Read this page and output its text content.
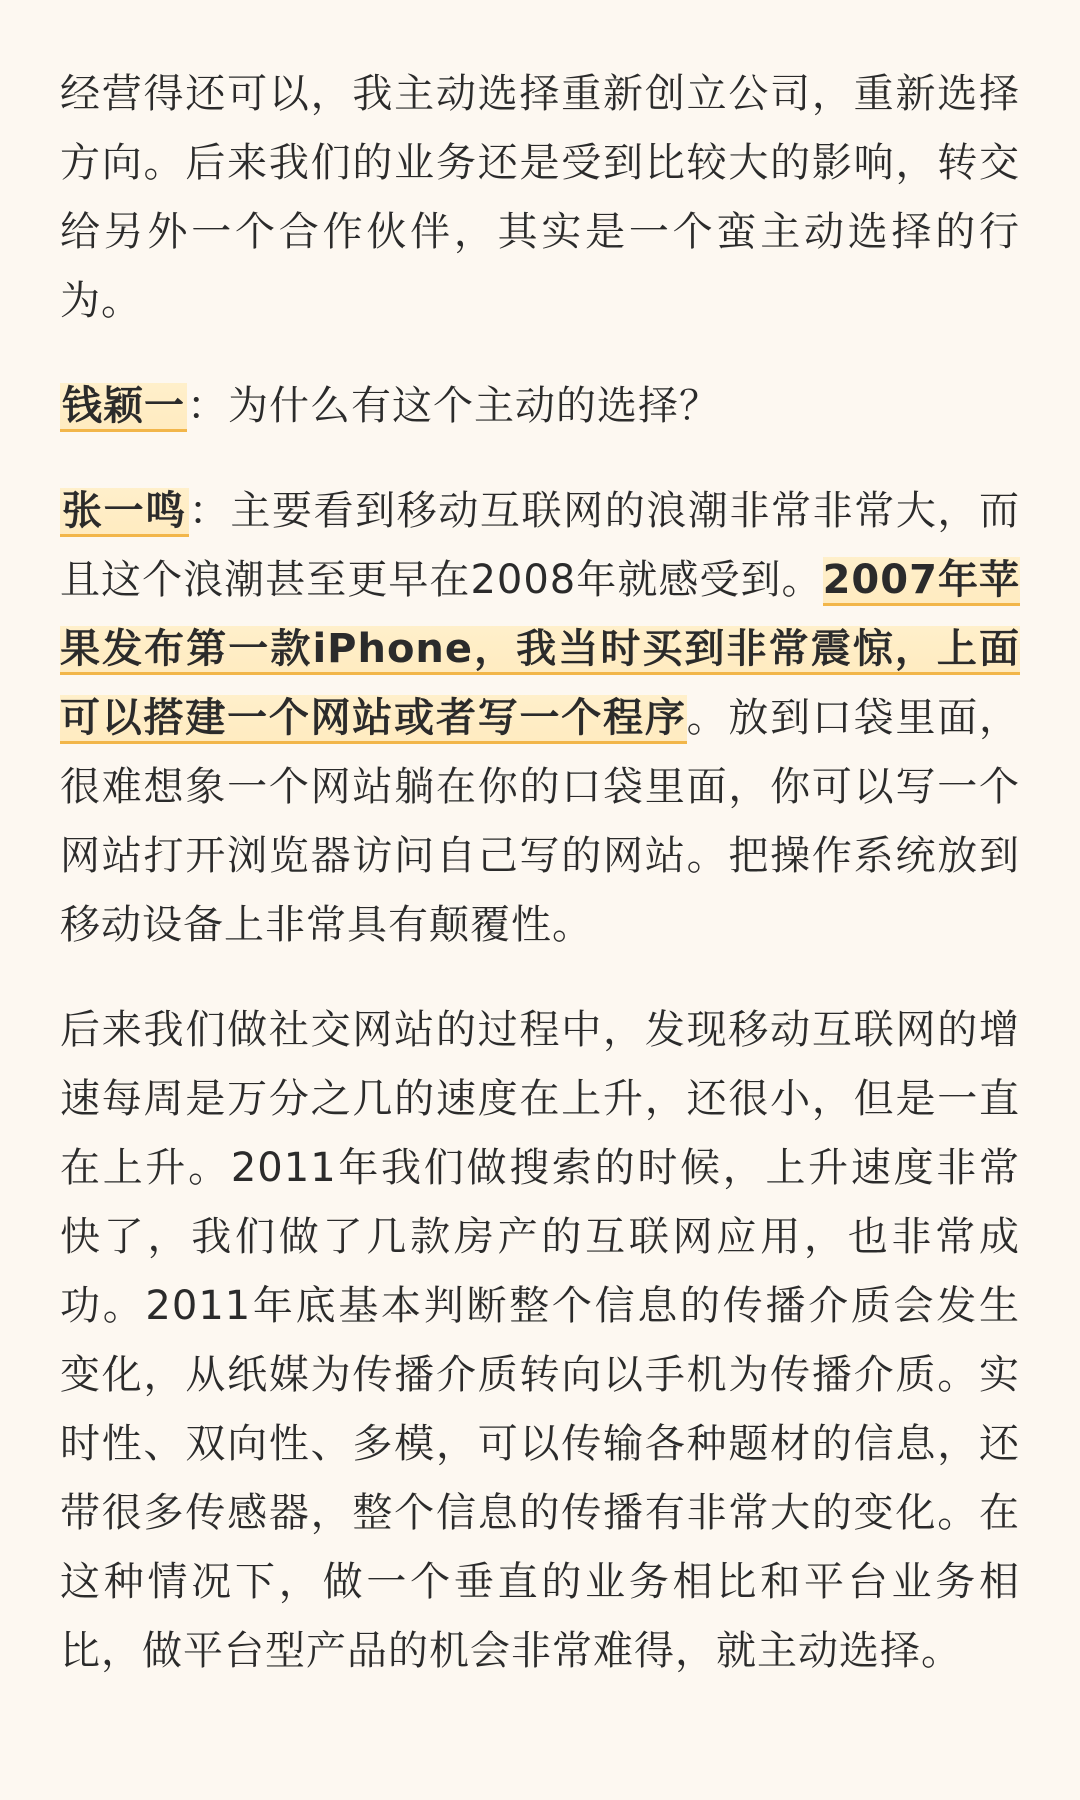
经营得还可以，我主动选择重新创立公司，重新选择方向。后来我们的业务还是受到比较大的影响，转交给另外一个合作伙伴，其实是一个蛮主动选择的行为。

钱颖一：为什么有这个主动的选择？

张一鸣：主要看到移动互联网的浪潮非常非常大，而且这个浪潮甚至更早在2008年就感受到。2007年苹果发布第一款iPhone，我当时买到非常震惊，上面可以搭建一个网站或者写一个程序。放到口袋里面，很难想象一个网站躺在你的口袋里面，你可以写一个网站打开浏览器访问自己写的网站。把操作系统放到移动设备上非常具有颠覆性。

后来我们做社交网站的过程中，发现移动互联网的增速每周是万分之几的速度在上升，还很小，但是一直在上升。2011年我们做搜索的时候，上升速度非常快了，我们做了几款房产的互联网应用，也非常成功。2011年底基本判断整个信息的传播介质会发生变化，从纸媒为传播介质转向以手机为传播介质。实时性、双向性、多模，可以传输各种题材的信息，还带很多传感器，整个信息的传播有非常大的变化。在这种情况下，做一个垂直的业务相比和平台业务相比，做平台型产品的机会非常难得，就主动选择。
